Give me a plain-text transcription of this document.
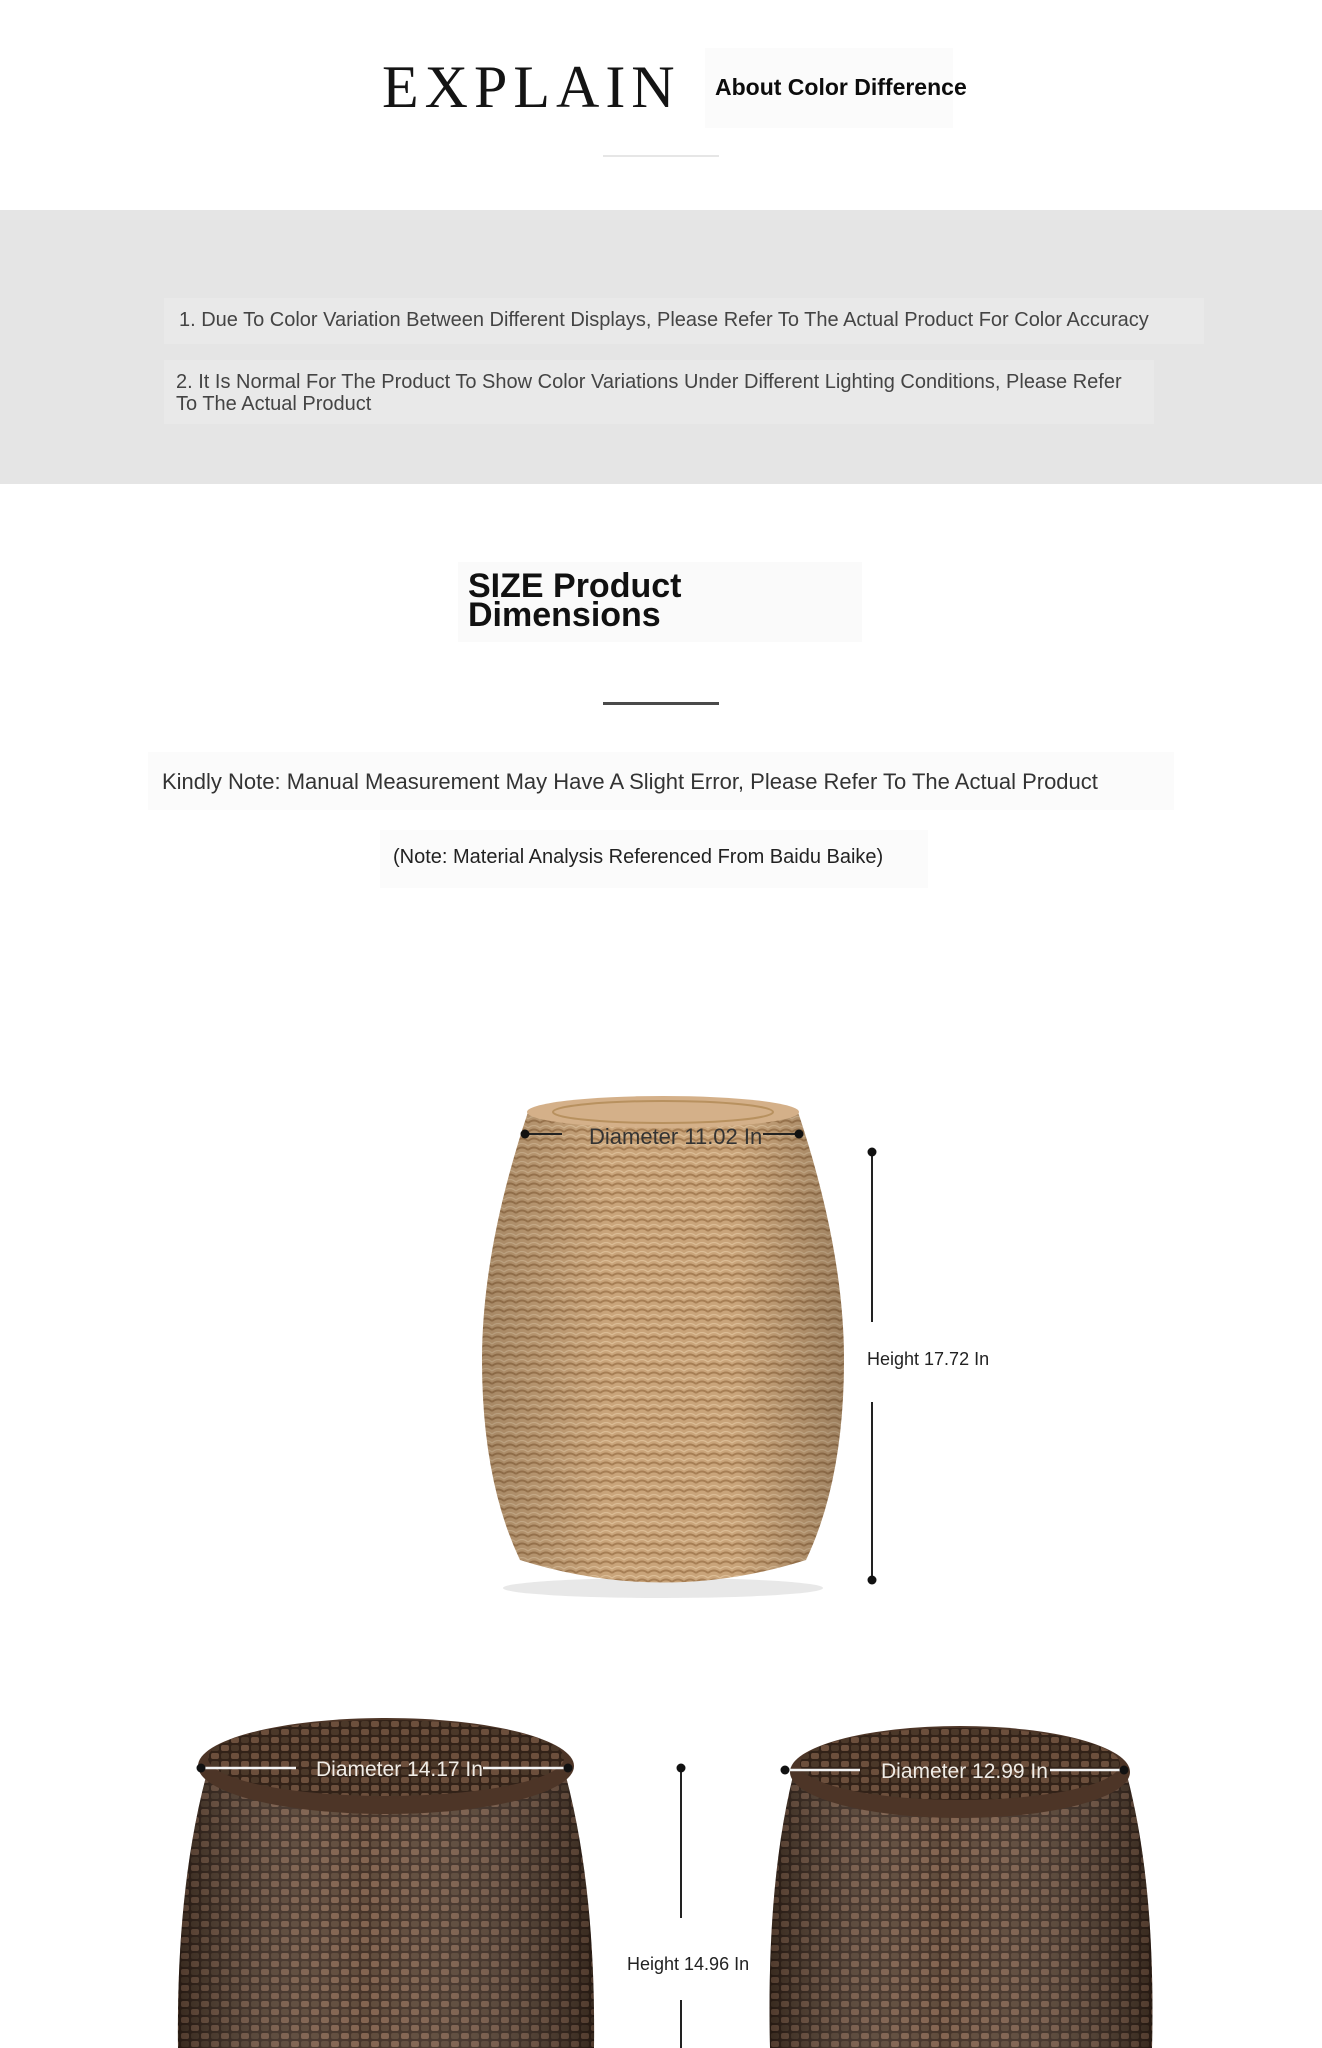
EXPLAIN About Color Difference
1. Due To Color Variation Between Different Displays, Please Refer To The Actual Product For Color Accuracy
2. It Is Normal For The Product To Show Color Variations Under Different Lighting Conditions, Please Refer To The Actual Product
SIZE Product Dimensions
Kindly Note: Manual Measurement May Have A Slight Error, Please Refer To The Actual Product
(Note: Material Analysis Referenced From Baidu Baike)
Diameter 11.02 In
Height 17.72 In
Diameter 14.17 In
Height 14.96 In
Diameter 12.99 In
